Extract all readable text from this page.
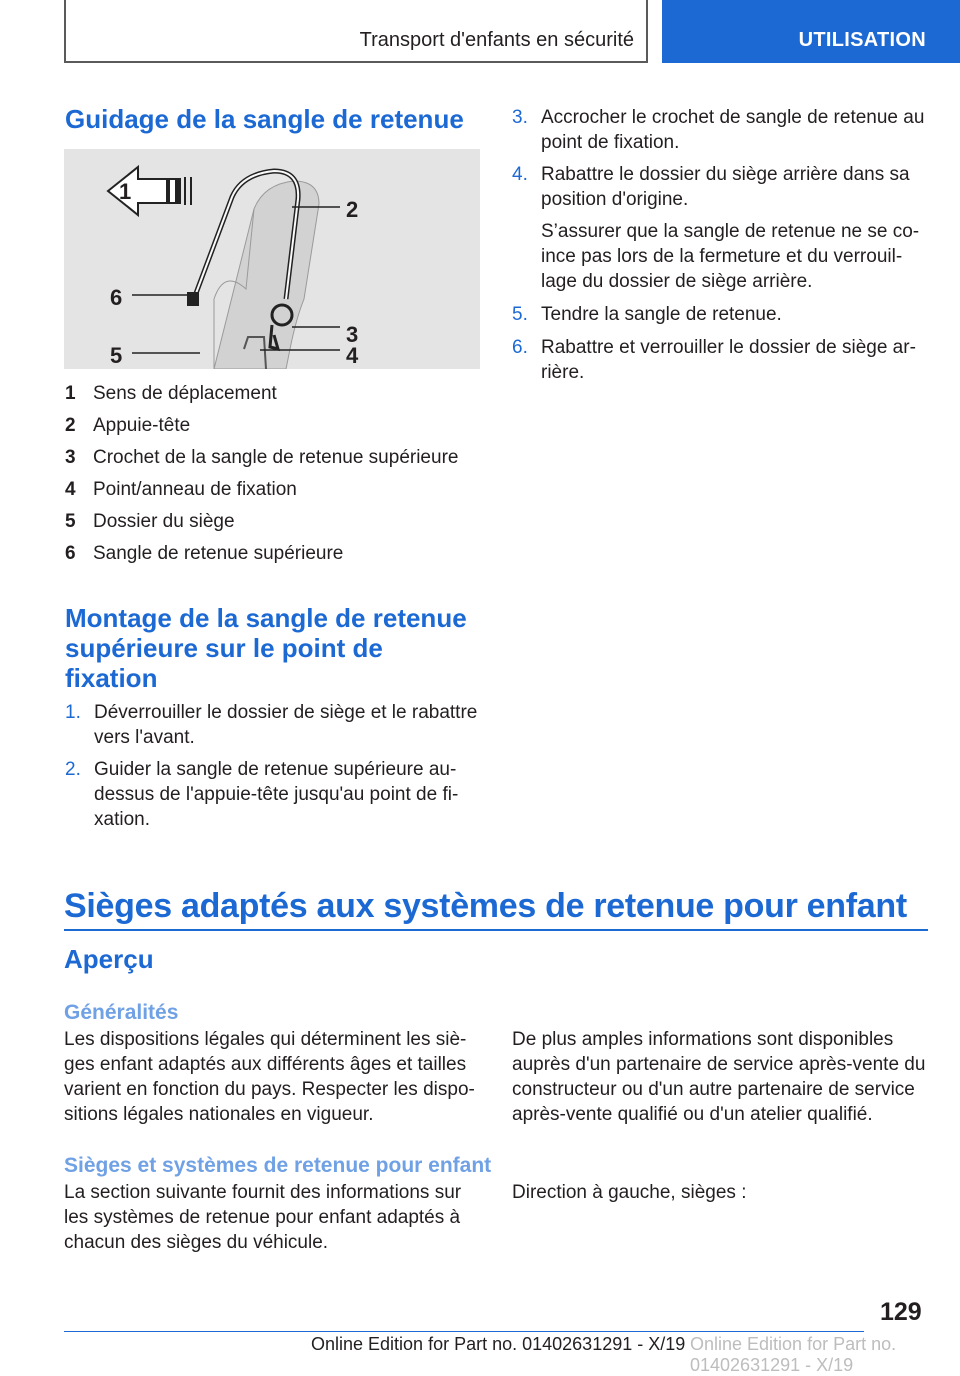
Transport d'enfants en sécurité	UTILISATION
Guidage de la sangle de retenue
1
2
3
4
5
6
1 Sens de déplacement
2 Appuie-tête
3 Crochet de la sangle de retenue supérieure
4 Point/anneau de fixation
5 Dossier du siège
6 Sangle de retenue supérieure
Montage de la sangle de retenue
supérieure sur le point de
fixation
1. Déverrouiller le dossier de siège et le rabattre
vers l'avant.
2. Guider la sangle de retenue supérieure au-
dessus de l'appuie-tête jusqu'au point de fi-
xation.
3. Accrocher le crochet de sangle de retenue au
point de fixation.
4. Rabattre le dossier du siège arrière dans sa
position d'origine.
S’assurer que la sangle de retenue ne se co-
ince pas lors de la fermeture et du verrouil-
lage du dossier de siège arrière.
5. Tendre la sangle de retenue.
6. Rabattre et verrouiller le dossier de siège ar-
rière.
Sièges adaptés aux systèmes de retenue pour enfant
Aperçu
Généralités
Les dispositions légales qui déterminent les siè-
ges enfant adaptés aux différents âges et tailles
varient en fonction du pays. Respecter les dispo-
sitions légales nationales en vigueur.
De plus amples informations sont disponibles
auprès d'un partenaire de service après-vente du
constructeur ou d'un autre partenaire de service
après-vente qualifié ou d'un atelier qualifié.
Sièges et systèmes de retenue pour enfant
La section suivante fournit des informations sur
les systèmes de retenue pour enfant adaptés à
chacun des sièges du véhicule.
Direction à gauche, sièges :
129
Online Edition for Part no. 01402631291 - X/19 Online Edition for Part no. 01402631291 - X/19
